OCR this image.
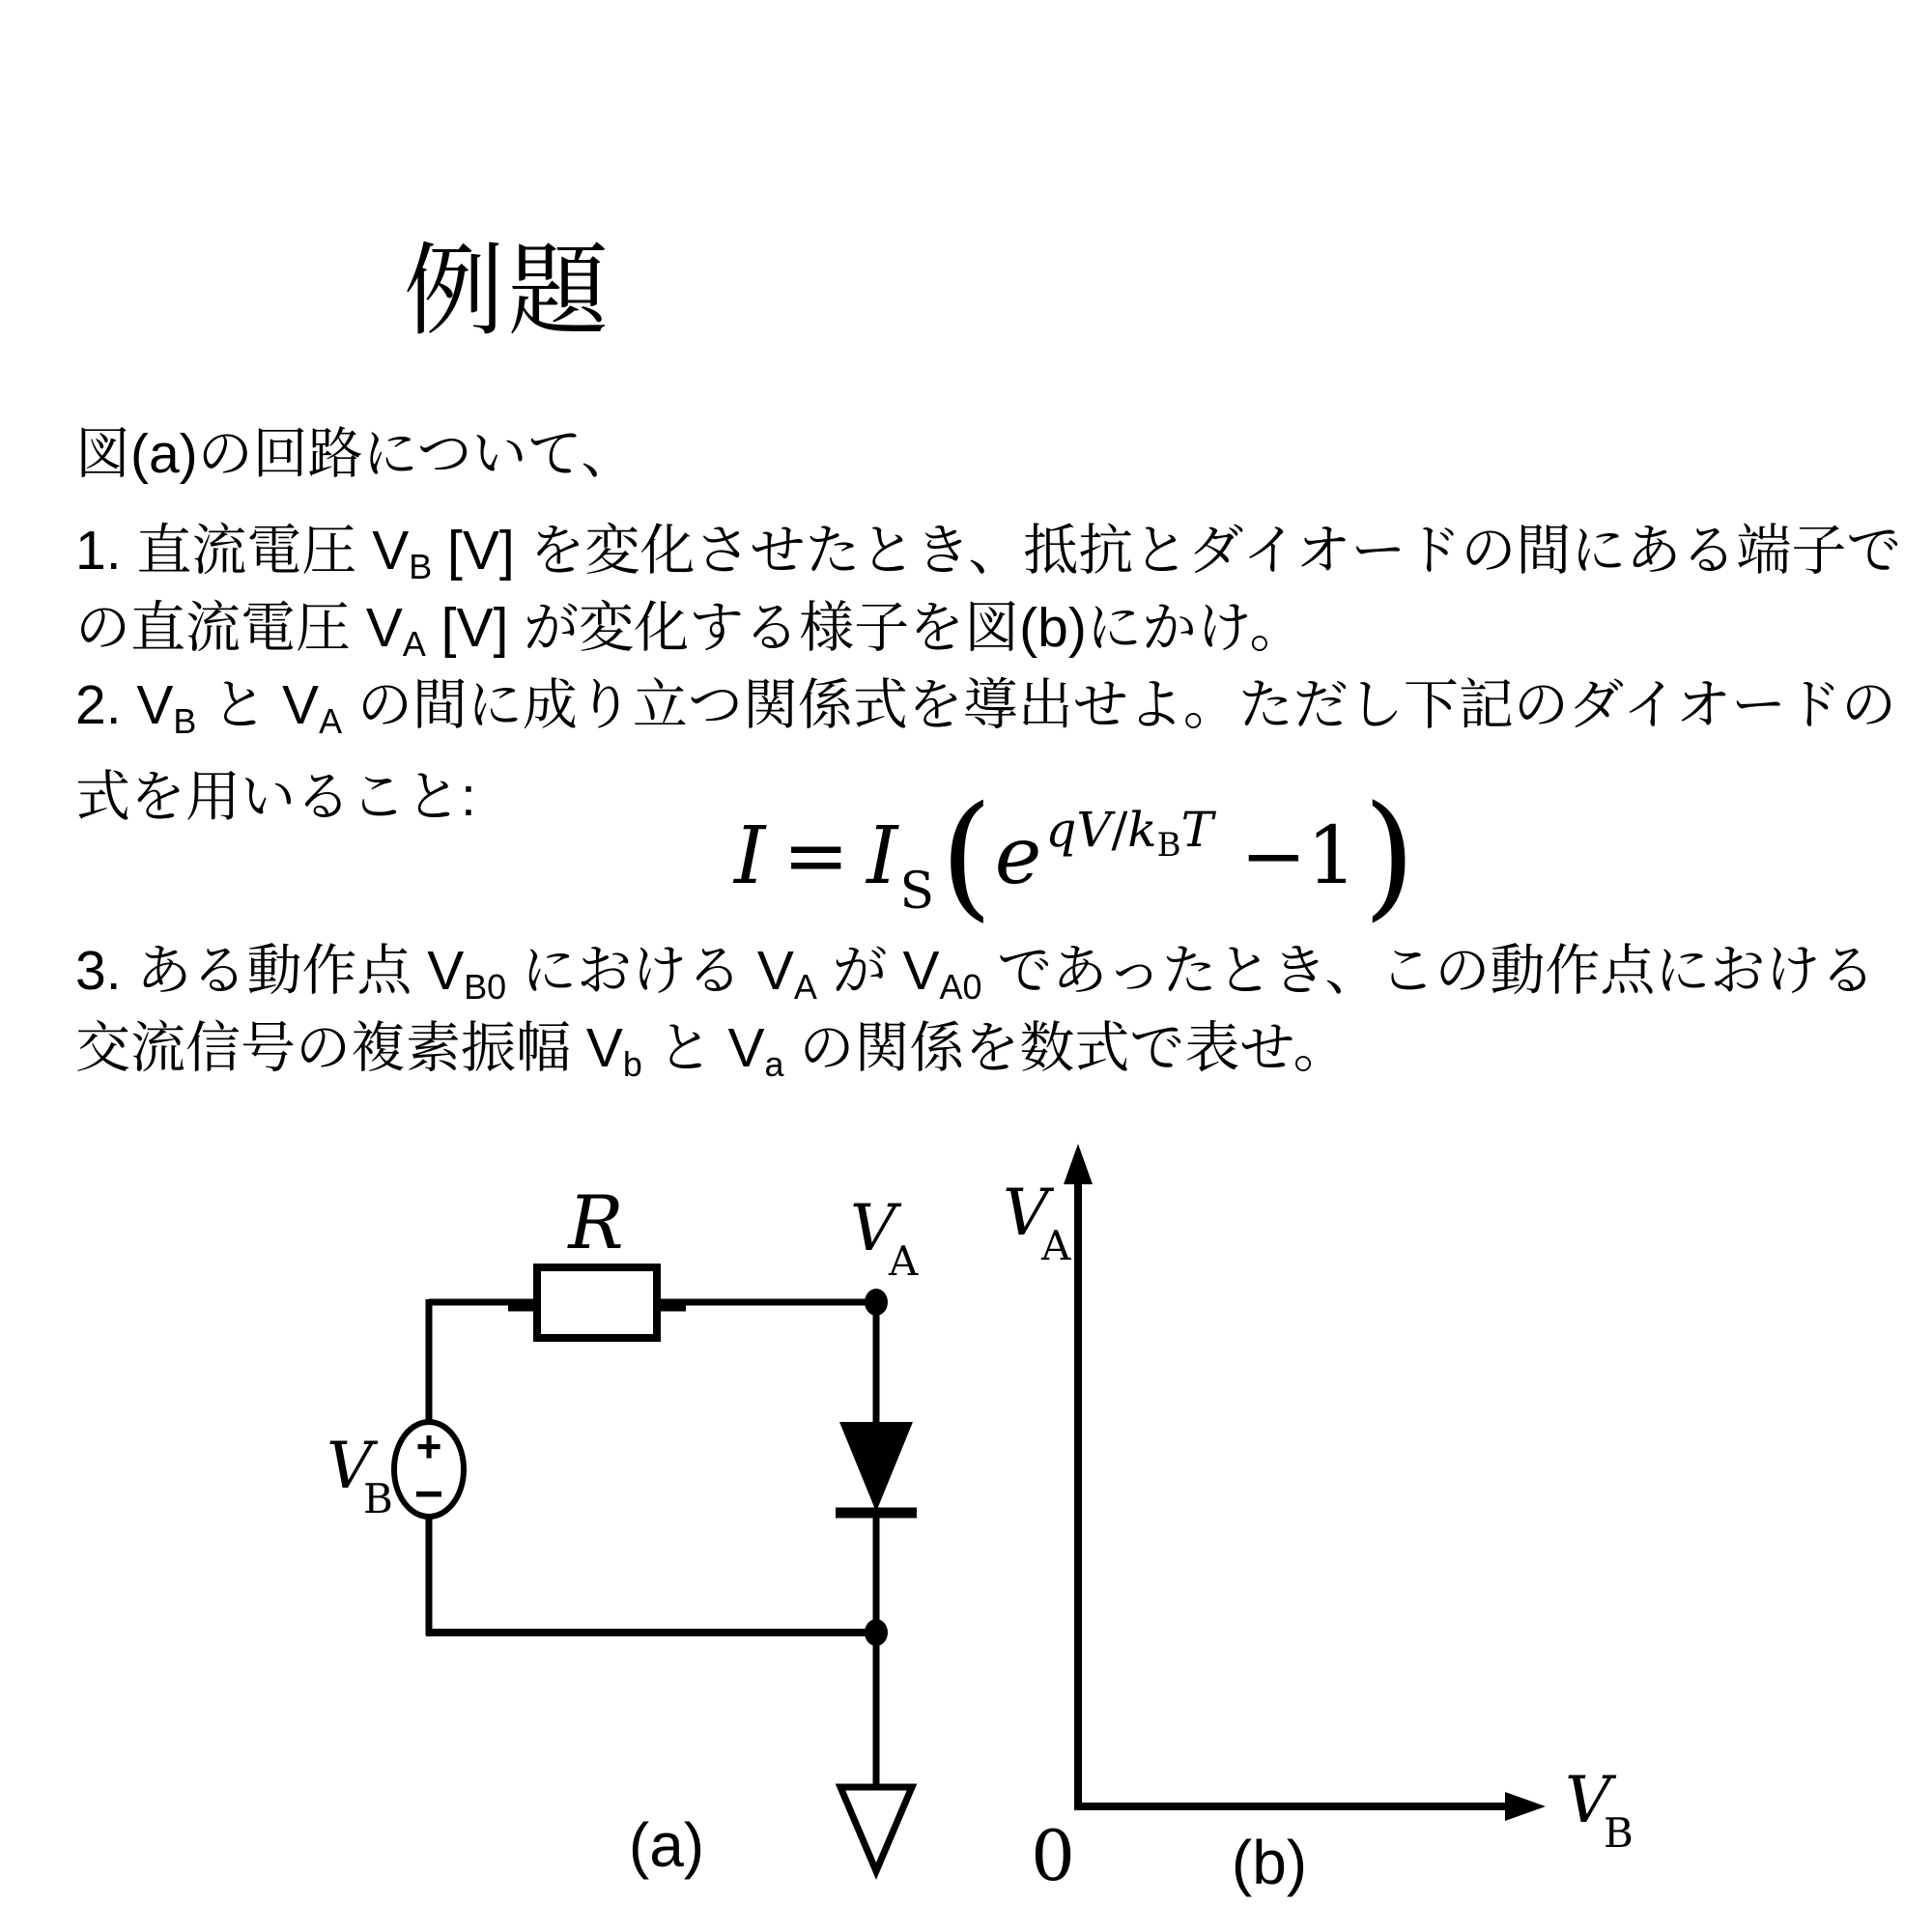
例題
図(a)の回路について、
1. 直流電圧 $V_B$ [V] を変化させたとき、抵抗とダイオードの間にある端子で
の直流電圧 $V_A$ [V] が変化する様子を図(b)にかけ。
2. $V_B$ と $V_A$ の間に成り立つ関係式を導出せよ。ただし下記のダイオードの
式を用いること:
3. ある動作点 $V_{B0}$ における $V_A$ が $V_{A0}$ であったとき、この動作点における
交流信号の複素振幅 $V_b$ と $V_a$ の関係を数式で表せ。
$I = I_S(e^{qV/k_BT} -1)$
R
+
−
V
B
V
A
(a)
V
A
V
B
0	(b)
